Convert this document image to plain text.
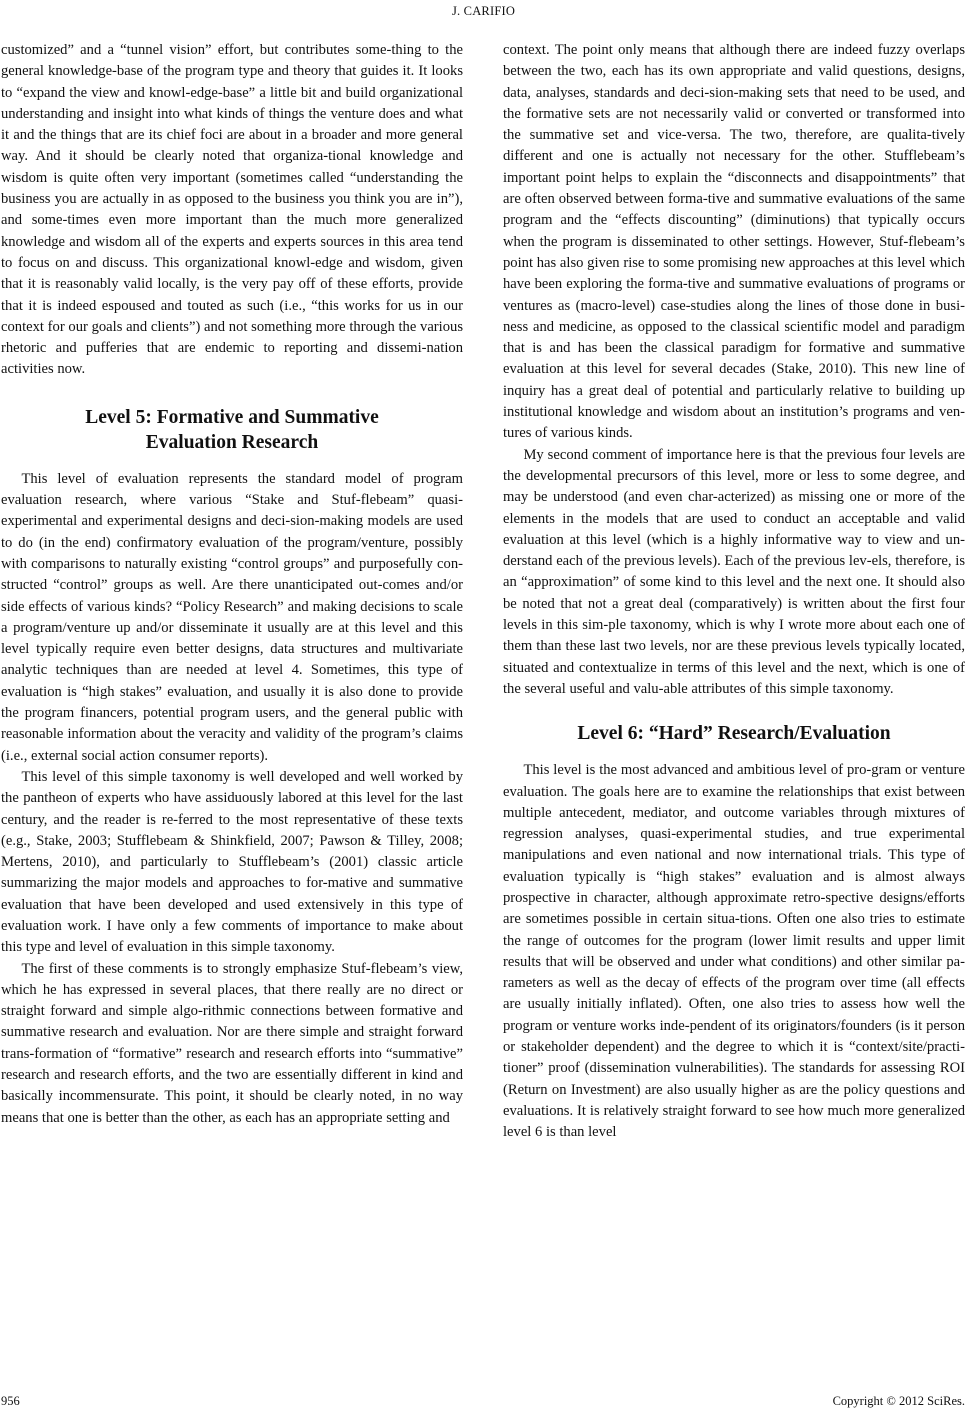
J. CARIFIO

customized” and a “tunnel vision” effort, but contributes some-thing to the general knowledge-base of the program type and theory that guides it. It looks to “expand the view and knowl-edge-base” a little bit and build organizational understanding and insight into what kinds of things the venture does and what it and the things that are its chief foci are about in a broader and more general way. And it should be clearly noted that organiza-tional knowledge and wisdom is quite often very important (sometimes called “understanding the business you are actually in as opposed to the business you think you are in”), and some-times even more important than the much more generalized knowledge and wisdom all of the experts and experts sources in this area tend to focus on and discuss. This organizational knowl-edge and wisdom, given that it is reasonably valid locally, is the very pay off of these efforts, provide that it is indeed espoused and touted as such (i.e., “this works for us in our context for our goals and clients”) and not something more through the various rhetoric and pufferies that are endemic to reporting and dissemi-nation activities now.

Level 5: Formative and Summative
Evaluation Research

This level of evaluation represents the standard model of program evaluation research, where various “Stake and Stuf-flebeam” quasi-experimental and experimental designs and deci-sion-making models are used to do (in the end) confirmatory evaluation of the program/venture, possibly with comparisons to naturally existing “control groups” and purposefully con-structed “control” groups as well. Are there unanticipated out-comes and/or side effects of various kinds? “Policy Research” and making decisions to scale a program/venture up and/or disseminate it usually are at this level and this level typically require even better designs, data structures and multivariate analytic techniques than are needed at level 4. Sometimes, this type of evaluation is “high stakes” evaluation, and usually it is also done to provide the program financers, potential program users, and the general public with reasonable information about the veracity and validity of the program’s claims (i.e., external social action consumer reports).

This level of this simple taxonomy is well developed and well worked by the pantheon of experts who have assiduously labored at this level for the last century, and the reader is re-ferred to the most representative of these texts (e.g., Stake, 2003; Stufflebeam & Shinkfield, 2007; Pawson & Tilley, 2008; Mertens, 2010), and particularly to Stufflebeam’s (2001) classic article summarizing the major models and approaches to for-mative and summative evaluation that have been developed and used extensively in this type of evaluation work. I have only a few comments of importance to make about this type and level of evaluation in this simple taxonomy.

The first of these comments is to strongly emphasize Stuf-flebeam’s view, which he has expressed in several places, that there really are no direct or straight forward and simple algo-rithmic connections between formative and summative research and evaluation. Nor are there simple and straight forward trans-formation of “formative” research and research efforts into “summative” research and research efforts, and the two are essentially different in kind and basically incommensurate. This point, it should be clearly noted, in no way means that one is better than the other, as each has an appropriate setting and

context. The point only means that although there are indeed fuzzy overlaps between the two, each has its own appropriate and valid questions, designs, data, analyses, standards and deci-sion-making sets that need to be used, and the formative sets are not necessarily valid or converted or transformed into the summative set and vice-versa. The two, therefore, are qualita-tively different and one is actually not necessary for the other. Stufflebeam’s important point helps to explain the “disconnects and disappointments” that are often observed between forma-tive and summative evaluations of the same program and the “effects discounting” (diminutions) that typically occurs when the program is disseminated to other settings. However, Stuf-flebeam’s point has also given rise to some promising new approaches at this level which have been exploring the forma-tive and summative evaluations of programs or ventures as (macro-level) case-studies along the lines of those done in busi-ness and medicine, as opposed to the classical scientific model and paradigm that is and has been the classical paradigm for formative and summative evaluation at this level for several decades (Stake, 2010). This new line of inquiry has a great deal of potential and particularly relative to building up institutional knowledge and wisdom about an institution’s programs and ven-tures of various kinds.

My second comment of importance here is that the previous four levels are the developmental precursors of this level, more or less to some degree, and may be understood (and even char-acterized) as missing one or more of the elements in the models that are used to conduct an acceptable and valid evaluation at this level (which is a highly informative way to view and un-derstand each of the previous levels). Each of the previous lev-els, therefore, is an “approximation” of some kind to this level and the next one. It should also be noted that not a great deal (comparatively) is written about the first four levels in this sim-ple taxonomy, which is why I wrote more about each one of them than these last two levels, nor are these previous levels typically located, situated and contextualize in terms of this level and the next, which is one of the several useful and valu-able attributes of this simple taxonomy.

Level 6: “Hard” Research/Evaluation

This level is the most advanced and ambitious level of pro-gram or venture evaluation. The goals here are to examine the relationships that exist between multiple antecedent, mediator, and outcome variables through mixtures of regression analyses, quasi-experimental studies, and true experimental manipulations and even national and now international trials. This type of evaluation typically is “high stakes” evaluation and is almost always prospective in character, although approximate retro-spective designs/efforts are sometimes possible in certain situa-tions. Often one also tries to estimate the range of outcomes for the program (lower limit results and upper limit results that will be observed and under what conditions) and other similar pa-rameters as well as the decay of effects of the program over time (all effects are usually initially inflated). Often, one also tries to assess how well the program or venture works inde-pendent of its originators/founders (is it person or stakeholder dependent) and the degree to which it is “context/site/practi-tioner” proof (dissemination vulnerabilities). The standards for assessing ROI (Return on Investment) are also usually higher as are the policy questions and evaluations. It is relatively straight forward to see how much more generalized level 6 is than level

956	Copyright © 2012 SciRes.
